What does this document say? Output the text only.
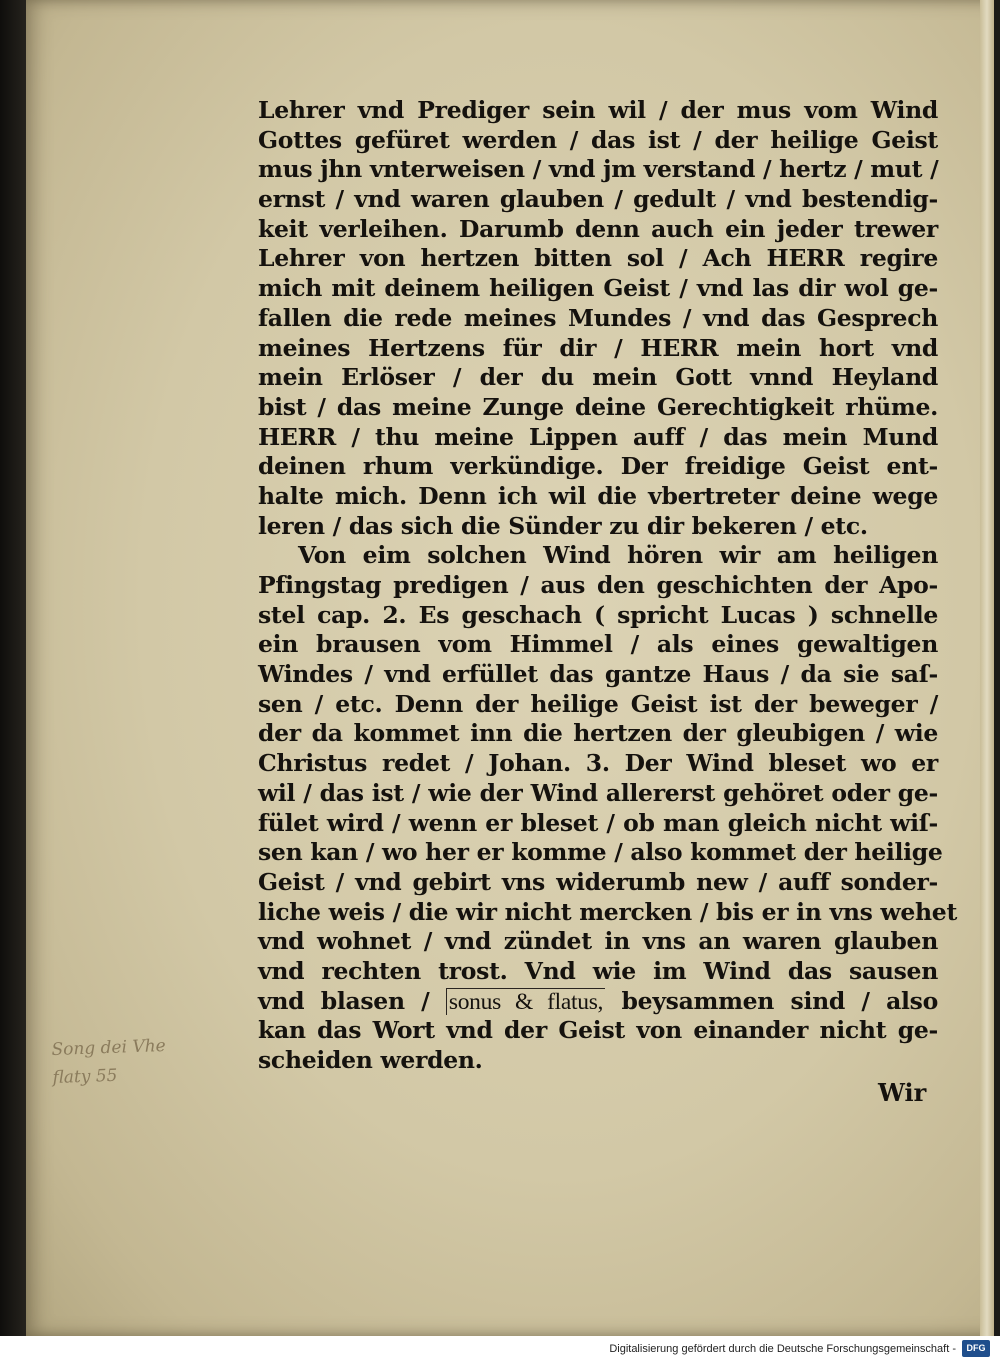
Lehrer vnd Prediger sein wil / der mus vom Wind
Gottes gefüret werden / das ist / der heilige Geist
mus jhn vnterweisen / vnd jm verstand / hertz / mut /
ernst / vnd waren glauben / gedult / vnd bestendig-
keit verleihen. Darumb denn auch ein jeder trewer
Lehrer von hertzen bitten sol / Ach HERR regire
mich mit deinem heiligen Geist / vnd las dir wol ge-
fallen die rede meines Mundes / vnd das Gesprech
meines Hertzens für dir / HERR mein hort vnd
mein Erlöser / der du mein Gott vnnd Heyland
bist / das meine Zunge deine Gerechtigkeit rhüme.
HERR / thu meine Lippen auff / das mein Mund
deinen rhum verkündige. Der freidige Geist ent-
halte mich. Denn ich wil die vbertreter deine wege
leren / das sich die Sünder zu dir bekeren / etc.
Von eim solchen Wind hören wir am heiligen
Pfingstag predigen / aus den geschichten der Apo-
stel cap. 2. Es geschach ( spricht Lucas ) schnelle
ein brausen vom Himmel / als eines gewaltigen
Windes / vnd erfüllet das gantze Haus / da sie saſ-
sen / etc. Denn der heilige Geist ist der beweger /
der da kommet inn die hertzen der gleubigen / wie
Christus redet / Johan. 3. Der Wind bleset wo er
wil / das ist / wie der Wind allererst gehöret oder ge-
fület wird / wenn er bleset / ob man gleich nicht wiſ-
sen kan / wo her er komme / also kommet der heilige
Geist / vnd gebirt vns widerumb new / auff sonder-
liche weis / die wir nicht mercken / bis er in vns wehet
vnd wohnet / vnd zündet in vns an waren glauben
vnd rechten trost. Vnd wie im Wind das sausen
vnd blasen / sonus & flatus, beysammen sind / also
kan das Wort vnd der Geist von einander nicht ge-
scheiden werden.
Wir
Song dei Vhe
flaty 55
Digitalisierung gefördert durch die Deutsche Forschungsgemeinschaft -	DFG
